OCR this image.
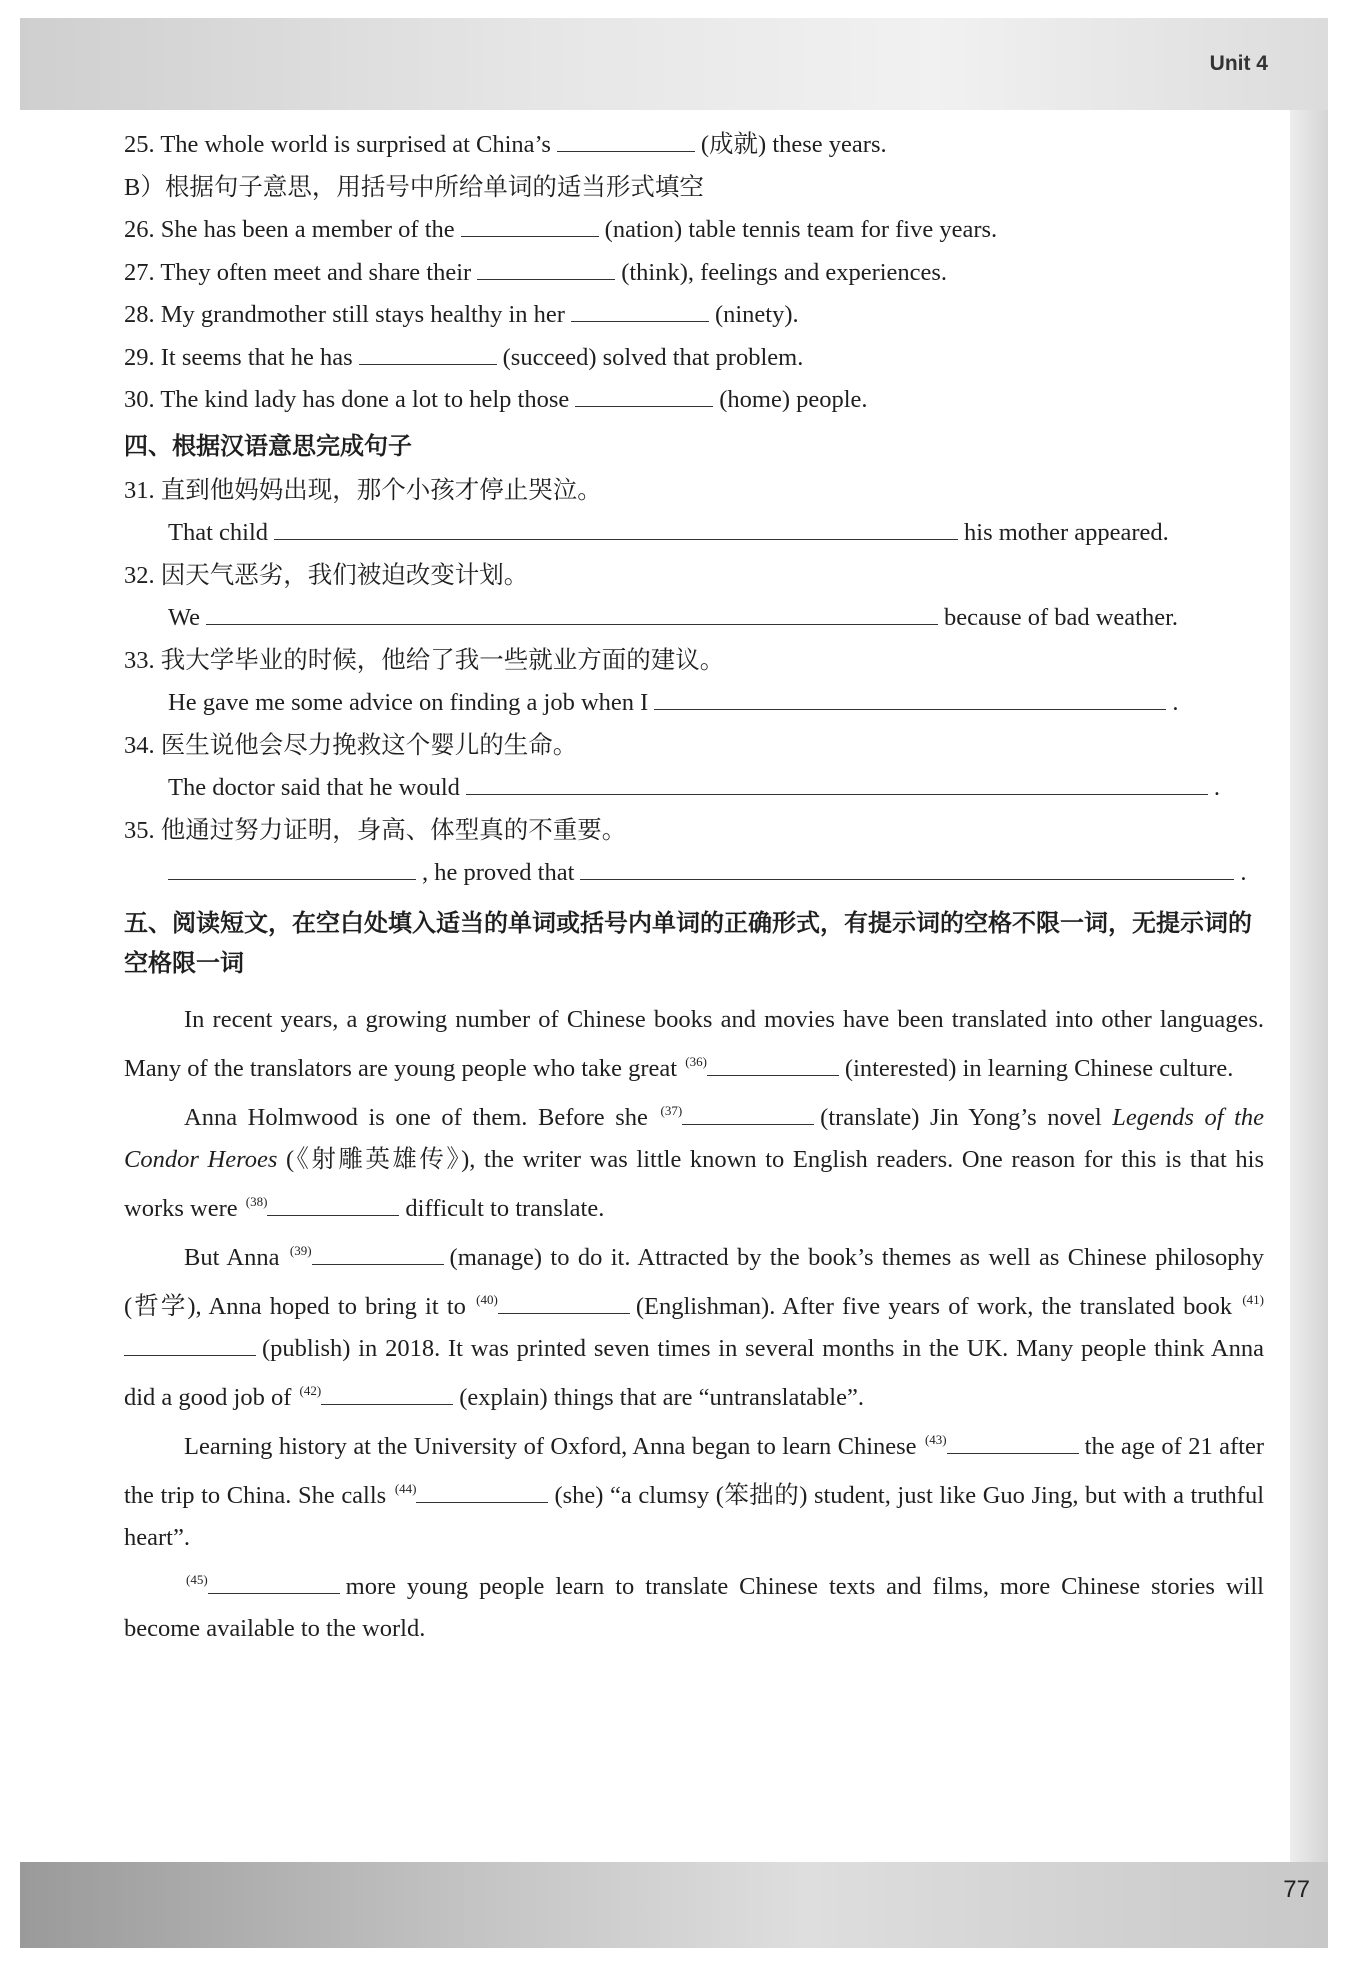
Unit 4
77
25. The whole world is surprised at China’s	(成就) these years.
B）根据句子意思，用括号中所给单词的适当形式填空
26. She has been a member of the	(nation) table tennis team for five years.
27. They often meet and share their	(think), feelings and experiences.
28. My grandmother still stays healthy in her	(ninety).
29. It seems that he has	(succeed) solved that problem.
30. The kind lady has done a lot to help those	(home) people.
四、根据汉语意思完成句子
31. 直到他妈妈出现，那个小孩才停止哭泣。
That child	his mother appeared.
32. 因天气恶劣，我们被迫改变计划。
We	because of bad weather.
33. 我大学毕业的时候，他给了我一些就业方面的建议。
He gave me some advice on finding a job when I	.
34. 医生说他会尽力挽救这个婴儿的生命。
The doctor said that he would	.
35. 他通过努力证明，身高、体型真的不重要。
, he proved that	.
五、阅读短文，在空白处填入适当的单词或括号内单词的正确形式，有提示词的空格不限一词，无提示词的空格限一词

In recent years, a growing number of Chinese books and movies have been translated into other languages. Many of the translators are young people who take great $^{(36)}$	(interested) in learning Chinese culture.

Anna Holmwood is one of them. Before she $^{(37)}$	(translate) Jin Yong’s novel Legends of the Condor Heroes (《射雕英雄传》), the writer was little known to English readers. One reason for this is that his works were $^{(38)}$	difficult to translate.

But Anna $^{(39)}$	(manage) to do it. Attracted by the book’s themes as well as Chinese philosophy (哲学), Anna hoped to bring it to $^{(40)}$	(Englishman). After five years of work, the translated book $^{(41)}$(publish) in 2018. It was printed seven times in several months in the UK. Many people think Anna did a good job of $^{(42)}$	(explain) things that are “untranslatable”.

Learning history at the University of Oxford, Anna began to learn Chinese $^{(43)}$	the age of 21 after the trip to China. She calls $^{(44)}$	(she) “a clumsy (笨拙的) student, just like Guo Jing, but with a truthful heart”.

$^{(45)}$	more young people learn to translate Chinese texts and films, more Chinese stories will become available to the world.
